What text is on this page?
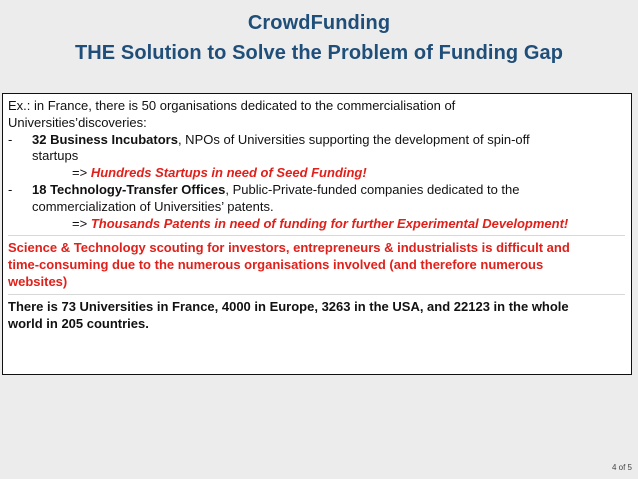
CrowdFunding
THE Solution to Solve the Problem of Funding Gap
Ex.: in France, there is 50 organisations dedicated to the commercialisation of
Universities’discoveries:
- 32 Business Incubators, NPOs of Universities supporting the development of spin-off
startups
=> Hundreds Startups in need of Seed Funding!
- 18 Technology-Transfer Offices, Public-Private-funded companies dedicated to the
commercialization of Universities’ patents.
=> Thousands Patents in need of funding for further Experimental Development!
Science & Technology scouting for investors, entrepreneurs & industrialists is difficult and
time-consuming due to the numerous organisations involved (and therefore numerous
websites)
There is 73 Universities in France, 4000 in Europe, 3263 in the USA, and 22123 in the whole
world in 205 countries.
4 of 5
